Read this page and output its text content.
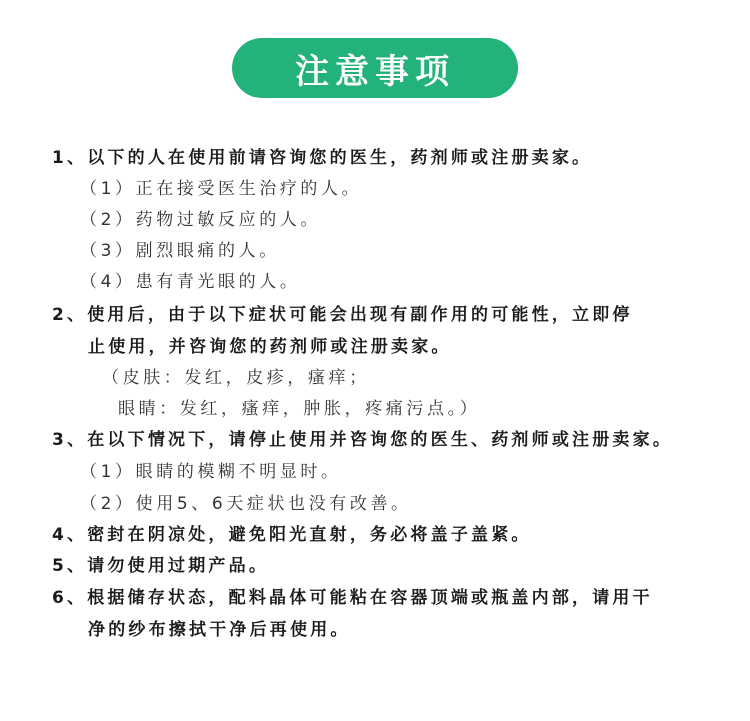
注意事项
1、以下的人在使用前请咨询您的医生，药剂师或注册卖家。
（1）正在接受医生治疗的人。
（2）药物过敏反应的人。
（3）剧烈眼痛的人。
（4）患有青光眼的人。
2、使用后，由于以下症状可能会出现有副作用的可能性，立即停
止使用，并咨询您的药剂师或注册卖家。
（皮肤：发红，皮疹，瘙痒；
眼睛：发红，瘙痒，肿胀，疼痛污点。）
3、在以下情况下，请停止使用并咨询您的医生、药剂师或注册卖家。
（1）眼睛的模糊不明显时。
（2）使用5、6天症状也没有改善。
4、密封在阴凉处，避免阳光直射，务必将盖子盖紧。
5、请勿使用过期产品。
6、根据储存状态，配料晶体可能粘在容器顶端或瓶盖内部，请用干
净的纱布擦拭干净后再使用。
